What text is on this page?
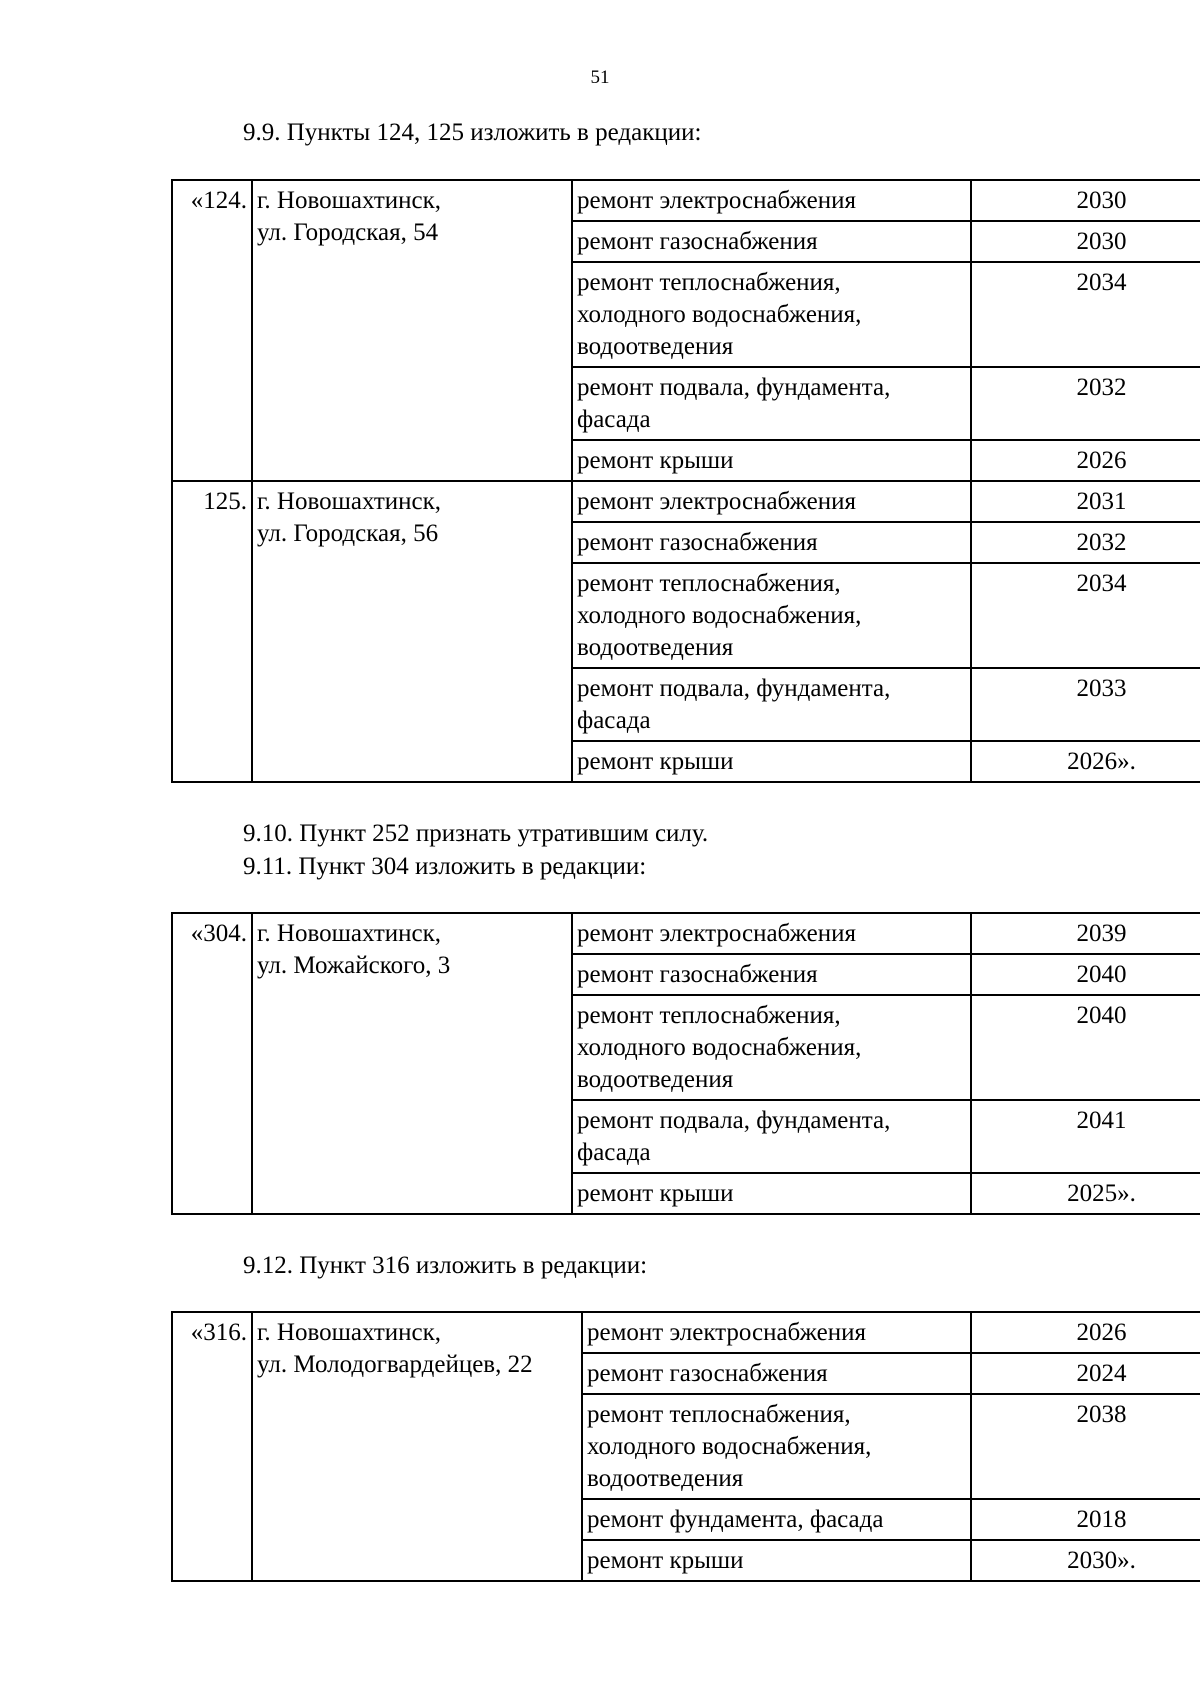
51
9.9. Пункты 124, 125 изложить в редакции:
«124.	г. Новошахтинск,
ул. Городская, 54	ремонт электроснабжения	2030
		ремонт газоснабжения	2030
		ремонт теплоснабжения,
холодного водоснабжения,
водоотведения	2034
		ремонт подвала, фундамента,
фасада	2032
		ремонт крыши	2026
125.	г. Новошахтинск,
ул. Городская, 56	ремонт электроснабжения	2031
		ремонт газоснабжения	2032
		ремонт теплоснабжения,
холодного водоснабжения,
водоотведения	2034
		ремонт подвала, фундамента,
фасада	2033
		ремонт крыши	2026».
9.10. Пункт 252 признать утратившим силу.
9.11. Пункт 304 изложить в редакции:
«304.	г. Новошахтинск,
ул. Можайского, 3	ремонт электроснабжения	2039
		ремонт газоснабжения	2040
		ремонт теплоснабжения,
холодного водоснабжения,
водоотведения	2040
		ремонт подвала, фундамента,
фасада	2041
		ремонт крыши	2025».
9.12. Пункт 316 изложить в редакции:
«316.	г. Новошахтинск,
ул. Молодогвардейцев, 22	ремонт электроснабжения	2026
		ремонт газоснабжения	2024
		ремонт теплоснабжения,
холодного водоснабжения,
водоотведения	2038
		ремонт фундамента, фасада	2018
		ремонт крыши	2030».
